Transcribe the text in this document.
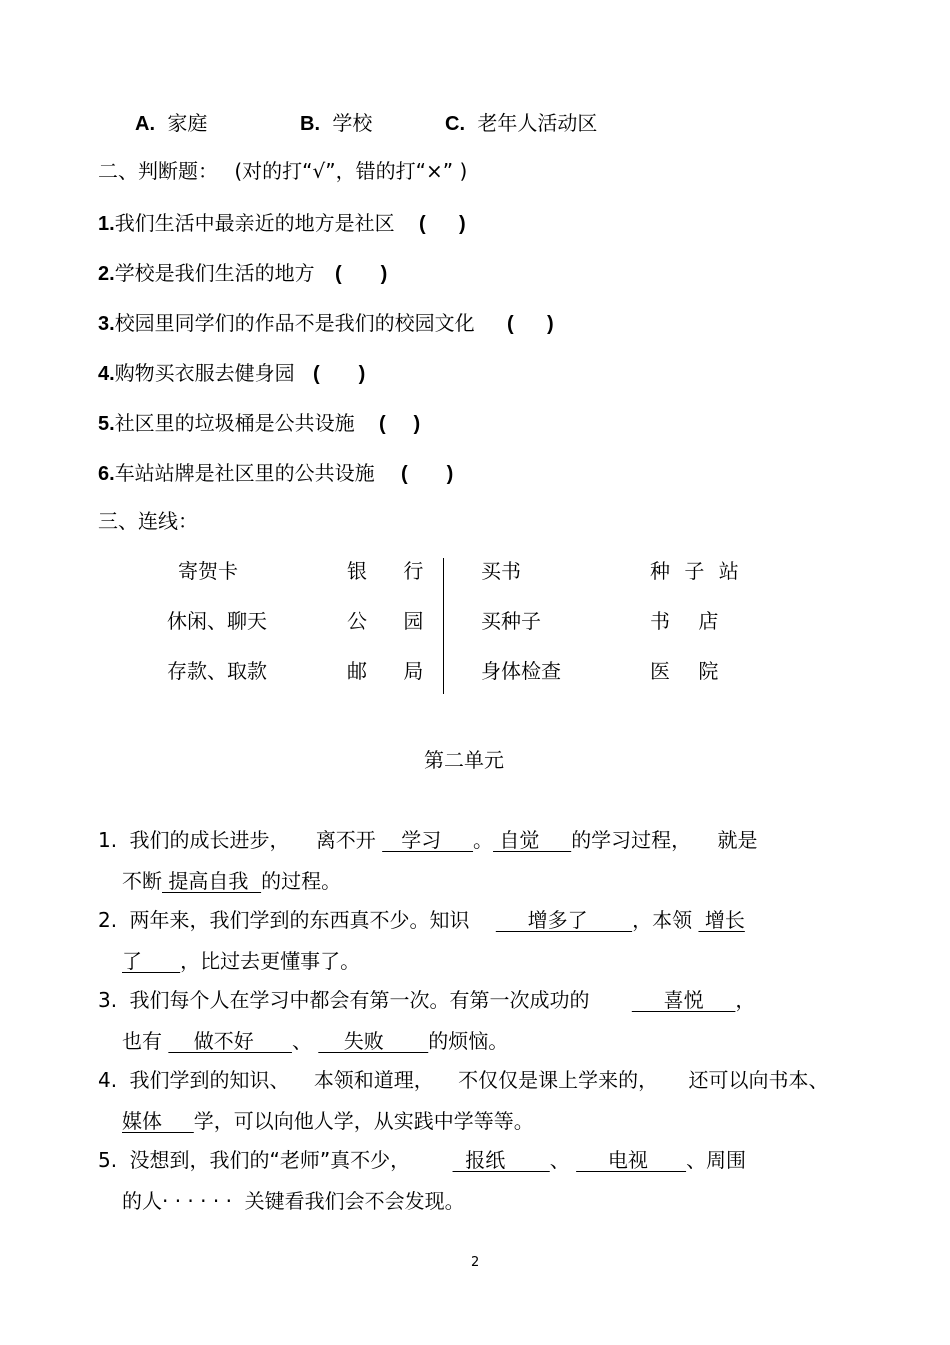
A. 家庭	B. 学校	C. 老年人活动区
二、判断题： (对的打“√”，错的打“×” )
1.我们生活中最亲近的地方是社区 (      )
2.学校是我们生活的地方 (       )
3.校园里同学们的作品不是我们的校园文化 (      )
4.购物买衣服去健身园 (       )
5.社区里的垃圾桶是公共设施 (     )
6.车站站牌是社区里的公共设施 (       )
三、连线：
寄贺卡
休闲、聊天
存款、取款
银 行
公 园
邮 局
买书
买种子
身体检查
种 子 站
书 店
医 院
第二单元
1. 我们的成长进步， 离不开    学习     。 自觉     的学习过程， 就是
不断 提高自我  的过程。
2. 两年来，我们学到的东西真不少。知识      增多了       ，本领  增长
了      ，比过去更懂事了。
3. 我们每个人在学习中都会有第一次。有第一次成功的      喜悦     ，
也有     做不好      、     失败       的烦恼。
4. 我们学到的知识、 本领和道理， 不仅仅是课上学来的， 还可以向书本、
媒体     学，可以向他人学，从实践中学等等。
5. 没想到，我们的“老师”真不少，   报纸       、      电视      、周围
的人· · · · · ·  关键看我们会不会发现。
2
